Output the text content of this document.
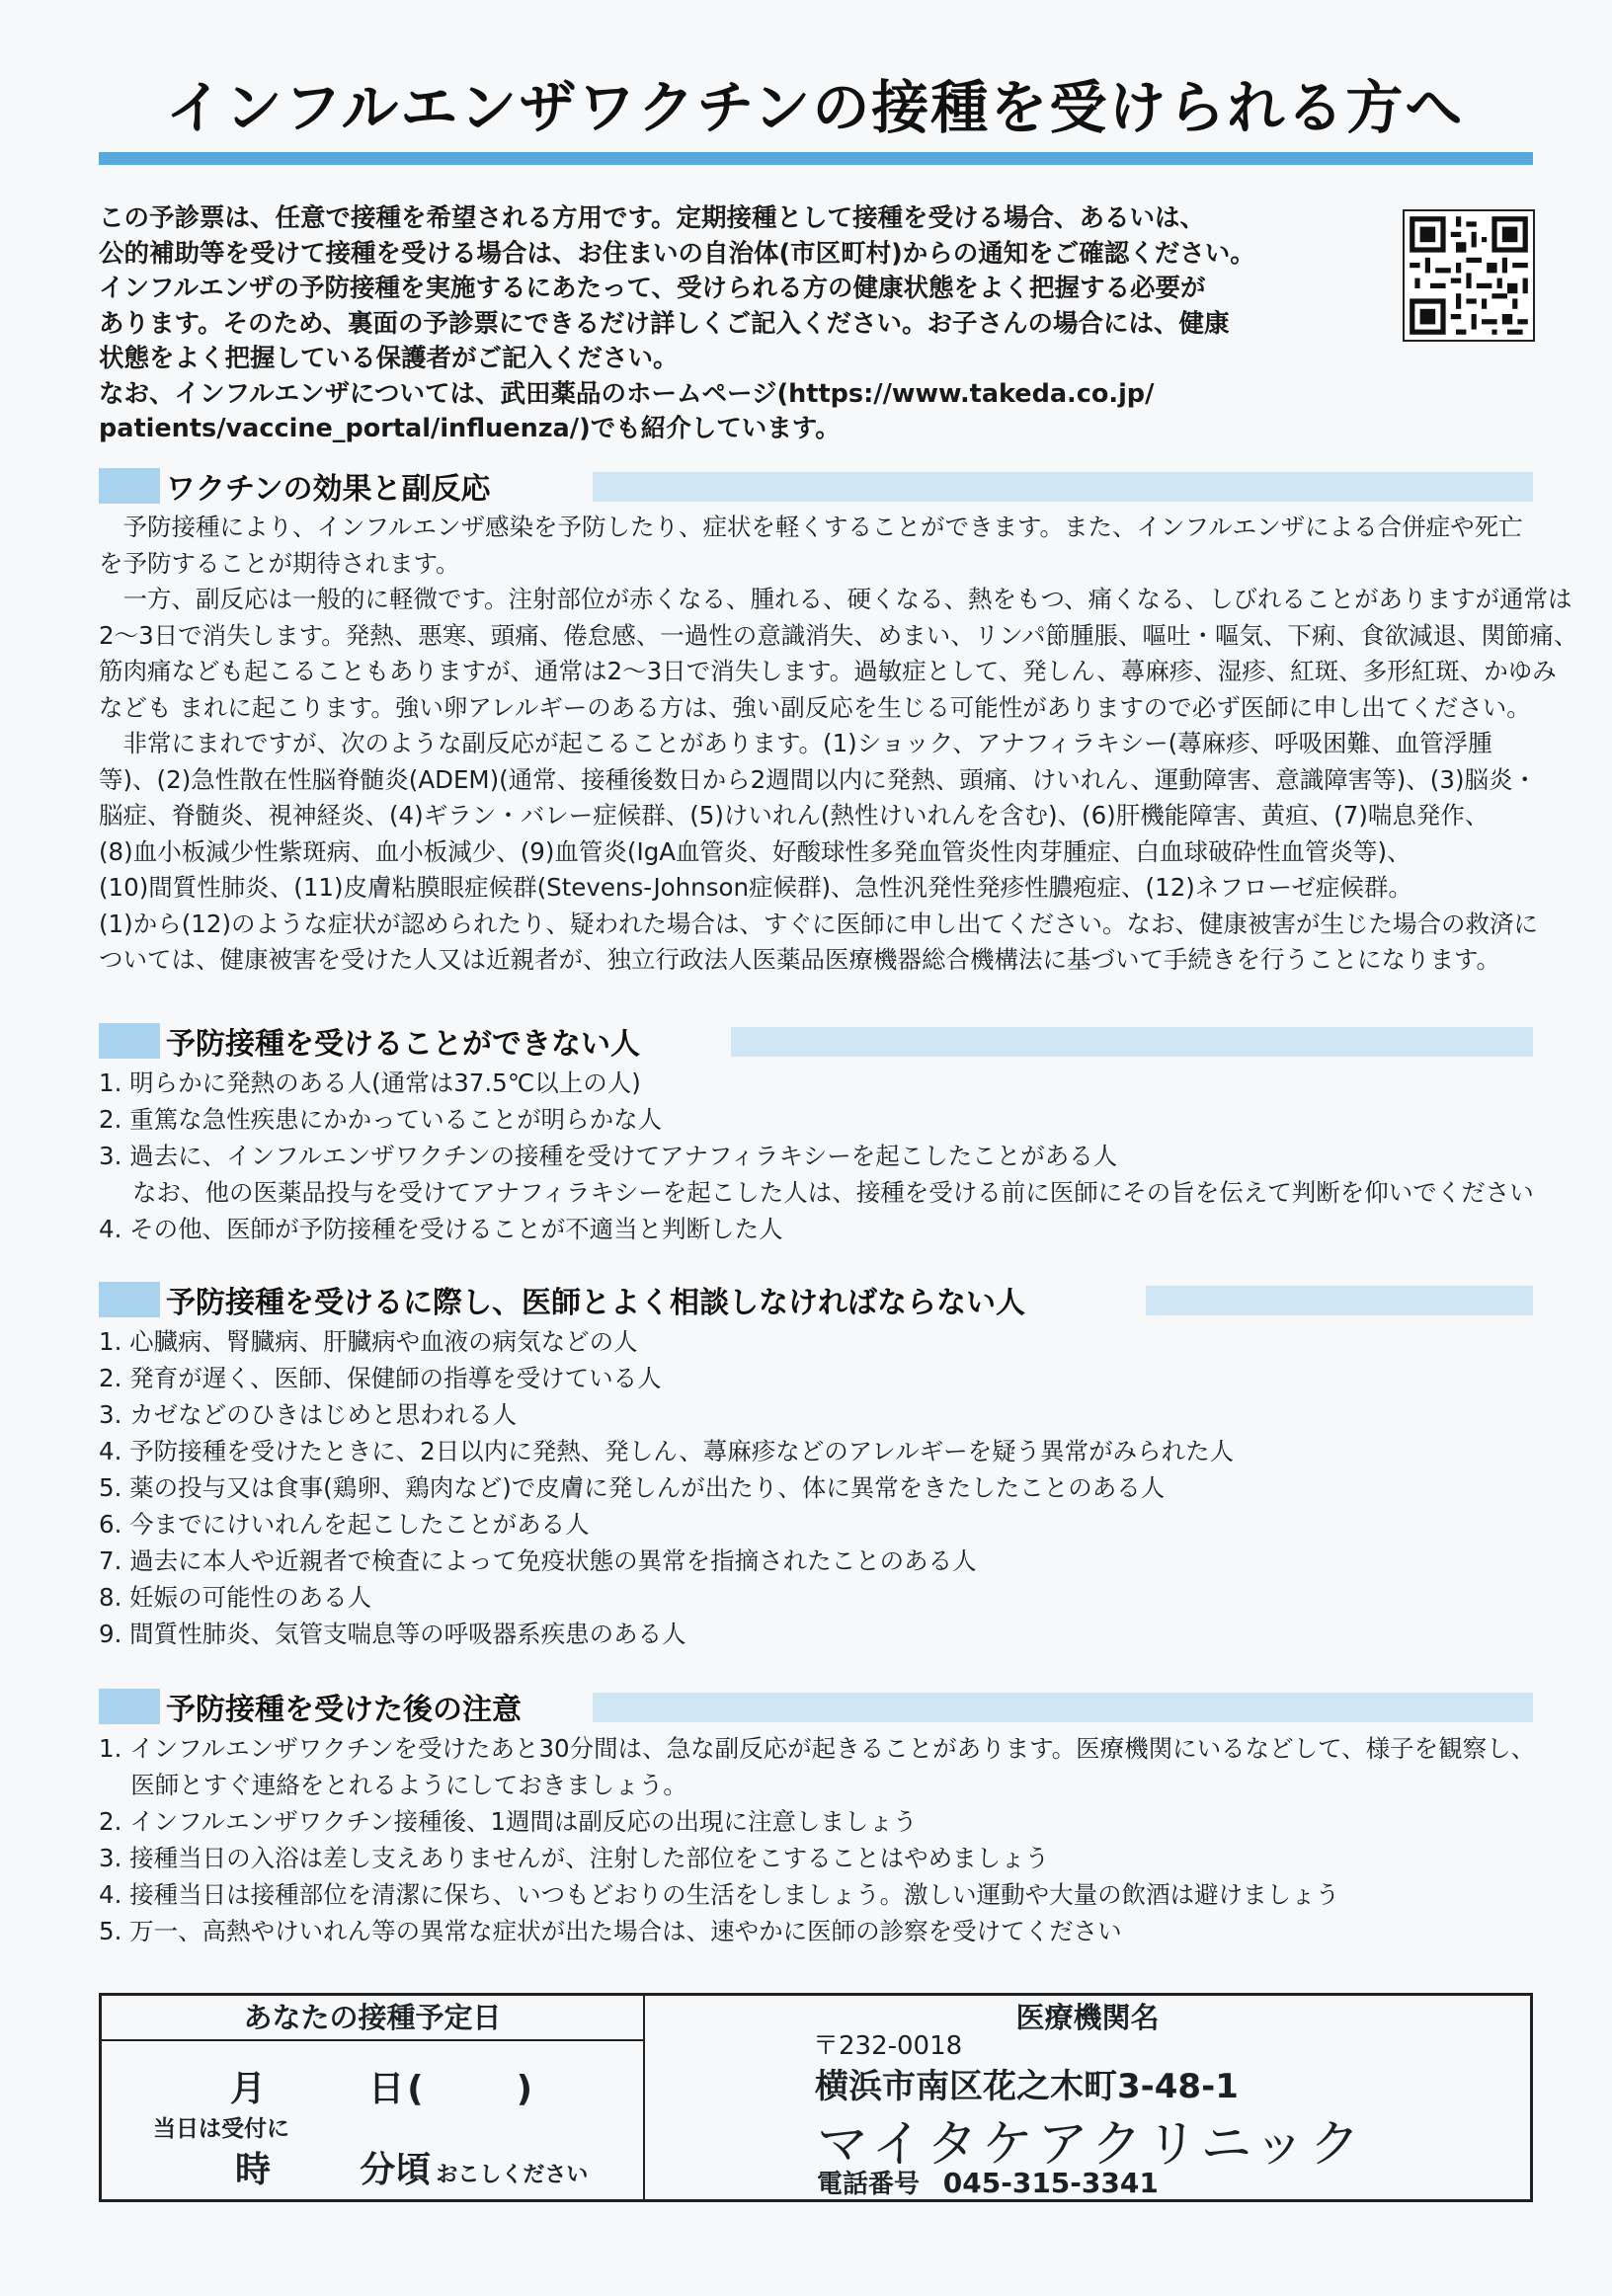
インフルエンザワクチンの接種を受けられる方へ

この予診票は、任意で接種を希望される方用です。定期接種として接種を受ける場合、あるいは、

公的補助等を受けて接種を受ける場合は、お住まいの自治体(市区町村)からの通知をご確認ください。

インフルエンザの予防接種を実施するにあたって、受けられる方の健康状態をよく把握する必要が

あります。そのため、裏面の予診票にできるだけ詳しくご記入ください。お子さんの場合には、健康

状態をよく把握している保護者がご記入ください。

なお、インフルエンザについては、武田薬品のホームページ(https://www.takeda.co.jp/

patients/vaccine_portal/influenza/)でも紹介しています。

ワクチンの効果と副反応

　予防接種により、インフルエンザ感染を予防したり、症状を軽くすることができます。また、インフルエンザによる合併症や死亡

を予防することが期待されます。

　一方、副反応は一般的に軽微です。注射部位が赤くなる、腫れる、硬くなる、熱をもつ、痛くなる、しびれることがありますが通常は

2〜3日で消失します。発熱、悪寒、頭痛、倦怠感、一過性の意識消失、めまい、リンパ節腫脹、嘔吐・嘔気、下痢、食欲減退、関節痛、

筋肉痛なども起こることもありますが、通常は2〜3日で消失します。過敏症として、発しん、蕁麻疹、湿疹、紅斑、多形紅斑、かゆみ

なども まれに起こります。強い卵アレルギーのある方は、強い副反応を生じる可能性がありますので必ず医師に申し出てください。

　非常にまれですが、次のような副反応が起こることがあります。(1)ショック、アナフィラキシー(蕁麻疹、呼吸困難、血管浮腫

等)、(2)急性散在性脳脊髄炎(ADEM)(通常、接種後数日から2週間以内に発熱、頭痛、けいれん、運動障害、意識障害等)、(3)脳炎・

脳症、脊髄炎、視神経炎、(4)ギラン・バレー症候群、(5)けいれん(熱性けいれんを含む)、(6)肝機能障害、黄疸、(7)喘息発作、

(8)血小板減少性紫斑病、血小板減少、(9)血管炎(IgA血管炎、好酸球性多発血管炎性肉芽腫症、白血球破砕性血管炎等)、

(10)間質性肺炎、(11)皮膚粘膜眼症候群(Stevens-Johnson症候群)、急性汎発性発疹性膿疱症、(12)ネフローゼ症候群。

(1)から(12)のような症状が認められたり、疑われた場合は、すぐに医師に申し出てください。なお、健康被害が生じた場合の救済に

ついては、健康被害を受けた人又は近親者が、独立行政法人医薬品医療機器総合機構法に基づいて手続きを行うことになります。

予防接種を受けることができない人
1. 明らかに発熱のある人(通常は37.5℃以上の人)
2. 重篤な急性疾患にかかっていることが明らかな人
3. 過去に、インフルエンザワクチンの接種を受けてアナフィラキシーを起こしたことがある人
なお、他の医薬品投与を受けてアナフィラキシーを起こした人は、接種を受ける前に医師にその旨を伝えて判断を仰いでください
4. その他、医師が予防接種を受けることが不適当と判断した人
予防接種を受けるに際し、医師とよく相談しなければならない人
1. 心臓病、腎臓病、肝臓病や血液の病気などの人
2. 発育が遅く、医師、保健師の指導を受けている人
3. カゼなどのひきはじめと思われる人
4. 予防接種を受けたときに、2日以内に発熱、発しん、蕁麻疹などのアレルギーを疑う異常がみられた人
5. 薬の投与又は食事(鶏卵、鶏肉など)で皮膚に発しんが出たり、体に異常をきたしたことのある人
6. 今までにけいれんを起こしたことがある人
7. 過去に本人や近親者で検査によって免疫状態の異常を指摘されたことのある人
8. 妊娠の可能性のある人
9. 間質性肺炎、気管支喘息等の呼吸器系疾患のある人
予防接種を受けた後の注意
1. インフルエンザワクチンを受けたあと30分間は、急な副反応が起きることがあります。医療機関にいるなどして、様子を観察し、
　 医師とすぐ連絡をとれるようにしておきましょう。
2. インフルエンザワクチン接種後、1週間は副反応の出現に注意しましょう
3. 接種当日の入浴は差し支えありませんが、注射した部位をこすることはやめましょう
4. 接種当日は接種部位を清潔に保ち、いつもどおりの生活をしましょう。激しい運動や大量の飲酒は避けましょう
5. 万一、高熱やけいれん等の異常な症状が出た場合は、速やかに医師の診察を受けてください
あなたの接種予定日
月	日(	)
当日は受付に
時	分頃 おこしください
医療機関名
〒232-0018
横浜市南区花之木町3-48-1
マイタケアクリニック
電話番号 045-315-3341
